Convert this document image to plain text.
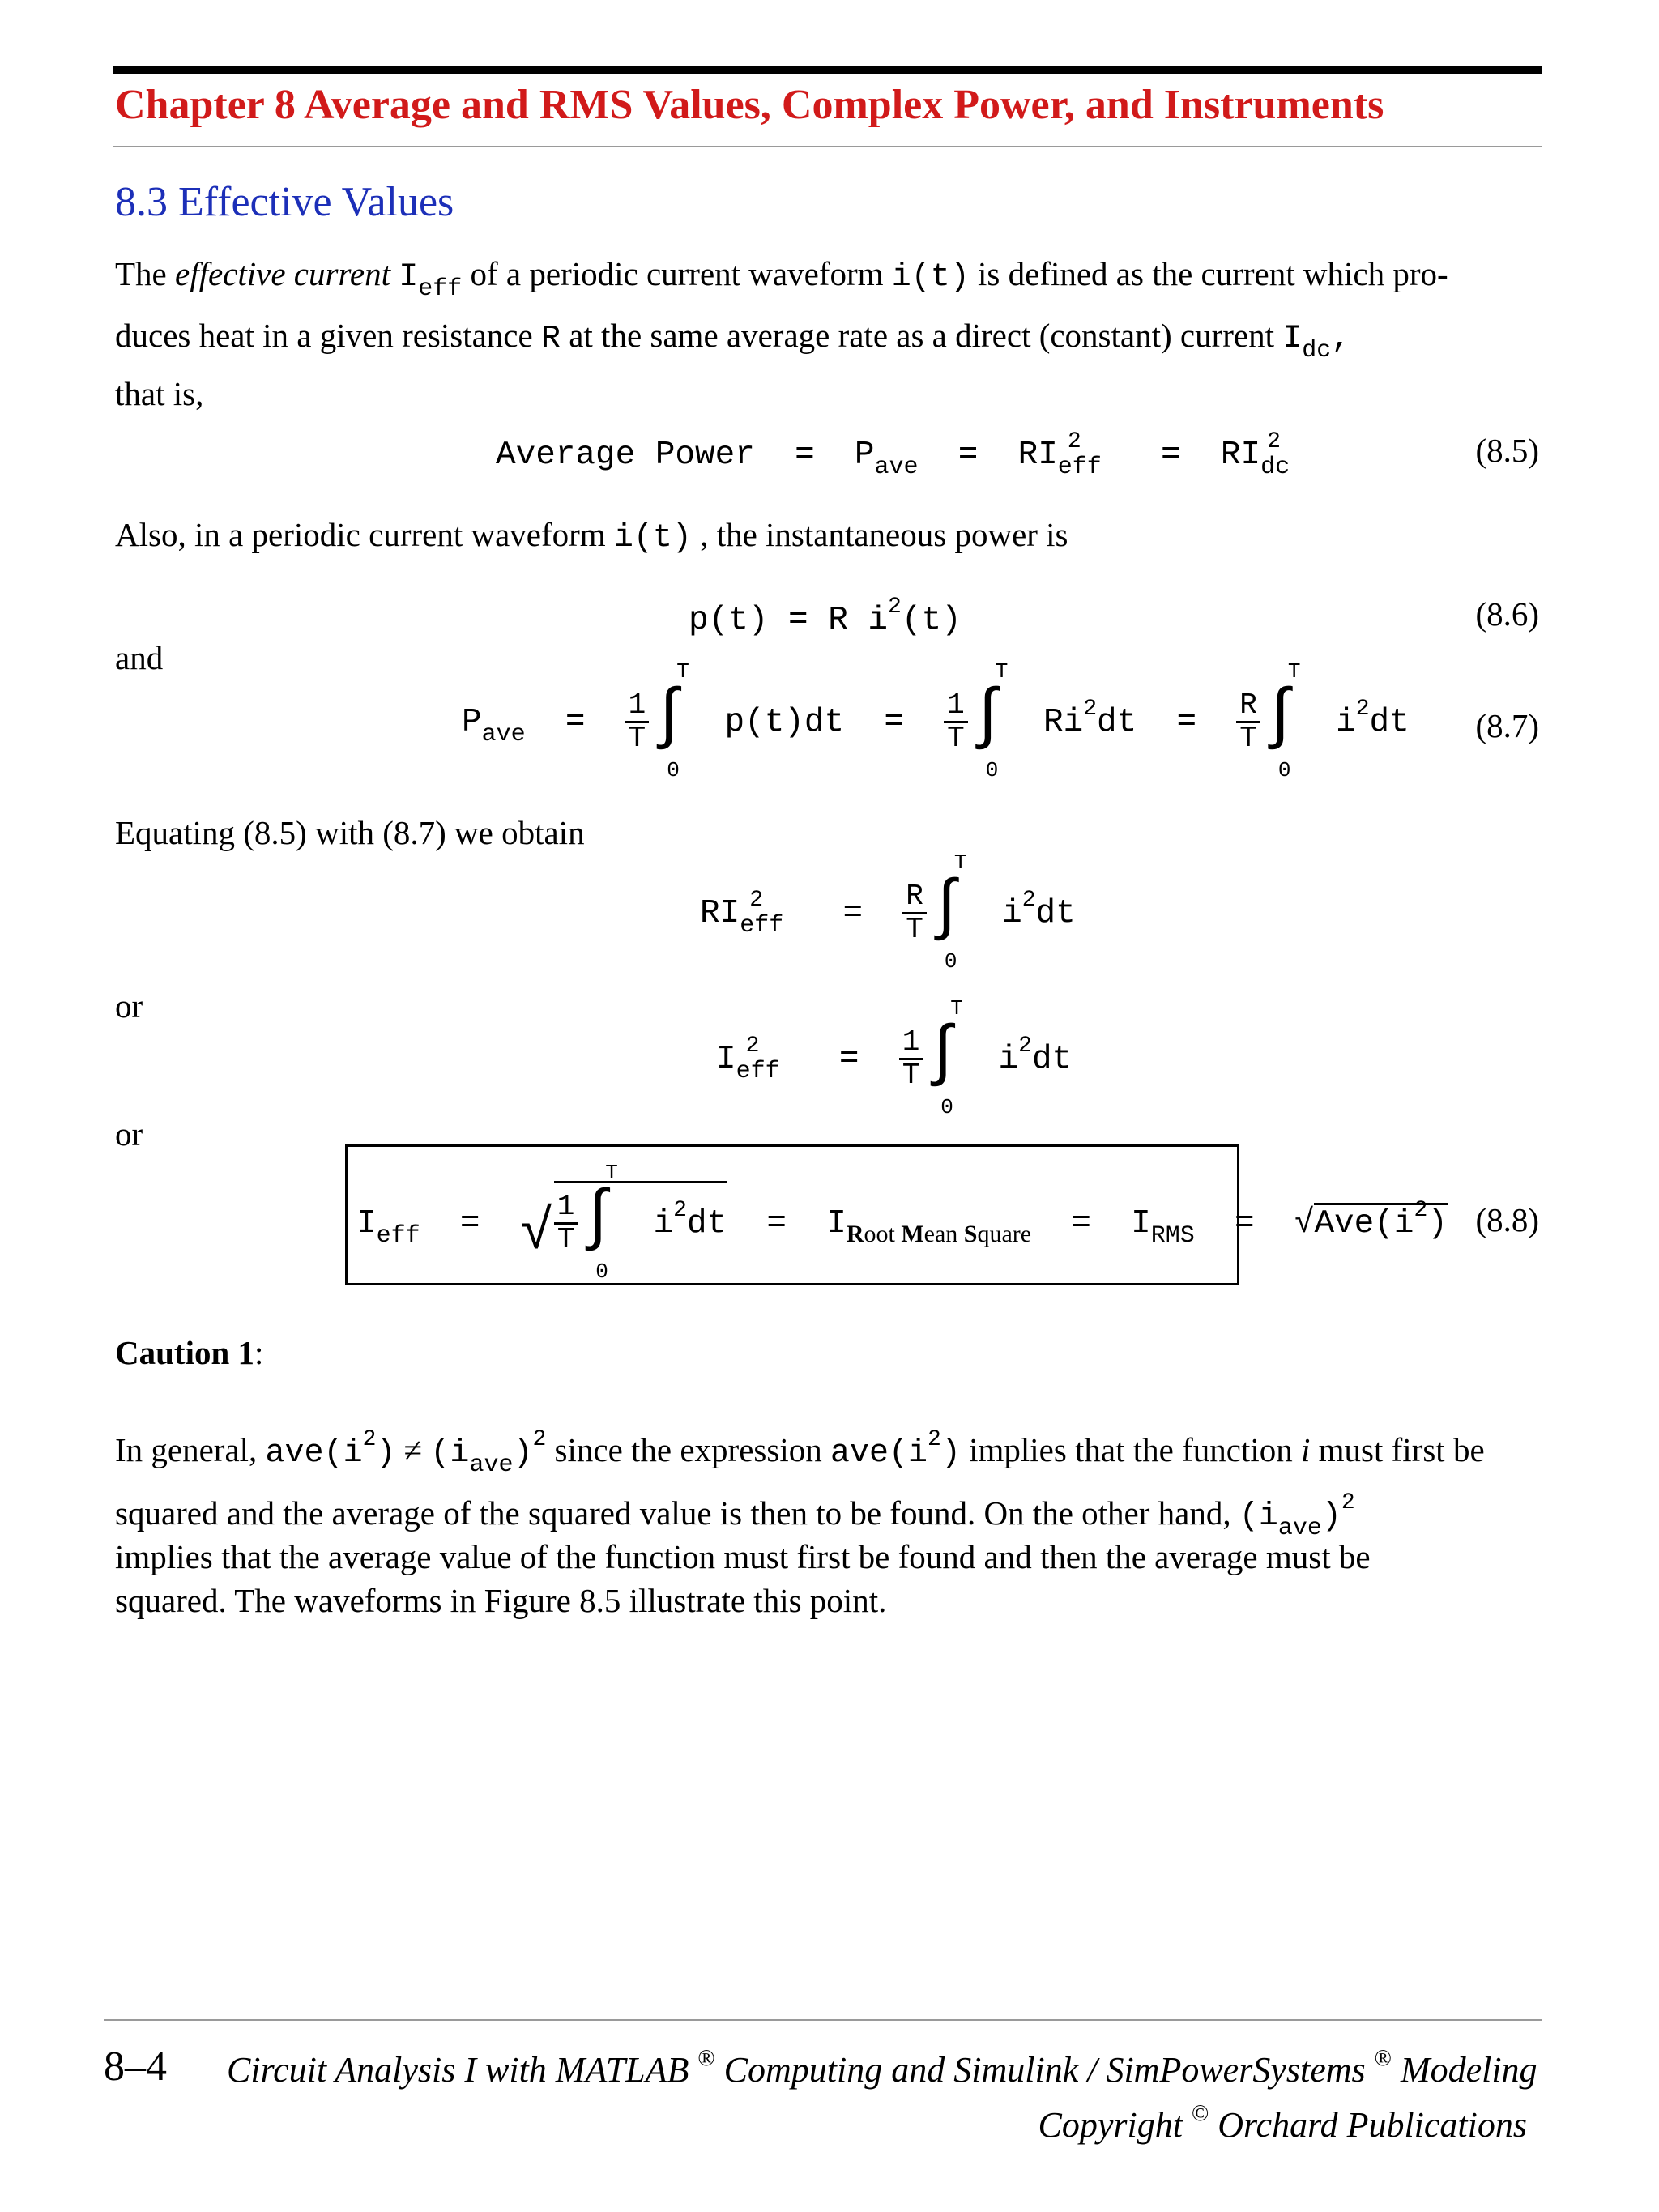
Chapter 8 Average and RMS Values, Complex Power, and Instruments
8.3 Effective Values
The effective current $I_{eff}$ of a periodic current waveform i(t) is defined as the current which pro-
duces heat in a given resistance R at the same average rate as a direct (constant) current $I_{dc}$,
that is,
Average Power = $P_{ave} = RI_{eff}^2 = RI_{dc}^2$	(8.5)
Also, in a periodic current waveform i(t) , the instantaneous power is
p(t) = R $i^2(t)$	(8.6)
and
$P_{ave} = \frac{1}{T}$ ∫
T
0
$p(t)dt = \frac{1}{T}$ ∫
T
0
$Ri^2dt = \frac{R}{T}$ ∫
T
0
$i^2dt$ (8.7)
Equating (8.5) with (8.7) we obtain
$RI_{eff}^2 = \frac{R}{T}$ ∫
T
0
$i^2dt$
or
$I_{eff}^2 = \frac{1}{T}$ ∫
T
0
$i^2dt$
or
$I_{eff}$ = √ $\frac{1}{T}$ ∫
T
0
$i^2dt = I_{Root Mean Square} = I_{RMS} = √Ave(i^2)$ (8.8)
Caution 1:
In general, $ave(i^2) \ne (i_{ave})^2$ since the expression $ave(i^2)$ implies that the function i must first be
squared and the average of the squared value is then to be found. On the other hand, $(i_{ave})^2$
implies that the average value of the function must first be found and then the average must be
squared. The waveforms in Figure 8.5 illustrate this point.
8–4 Circuit Analysis I with MATLAB ® Computing and Simulink / SimPowerSystems ® Modeling
Copyright © Orchard Publications
